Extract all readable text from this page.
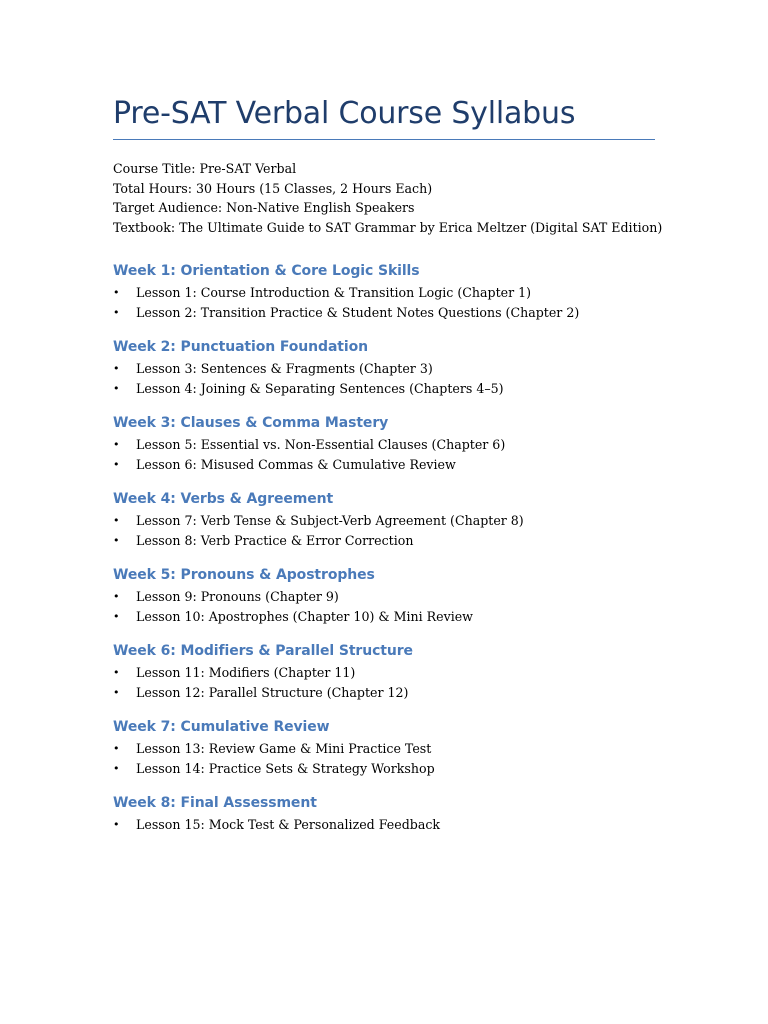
Pre-SAT Verbal Course Syllabus
Course Title: Pre-SAT Verbal
Total Hours: 30 Hours (15 Classes, 2 Hours Each)
Target Audience: Non-Native English Speakers
Textbook: The Ultimate Guide to SAT Grammar by Erica Meltzer (Digital SAT Edition)
Week 1: Orientation & Core Logic Skills
•	Lesson 1: Course Introduction & Transition Logic (Chapter 1)
•	Lesson 2: Transition Practice & Student Notes Questions (Chapter 2)
Week 2: Punctuation Foundation
•	Lesson 3: Sentences & Fragments (Chapter 3)
•	Lesson 4: Joining & Separating Sentences (Chapters 4–5)
Week 3: Clauses & Comma Mastery
•	Lesson 5: Essential vs. Non-Essential Clauses (Chapter 6)
•	Lesson 6: Misused Commas & Cumulative Review
Week 4: Verbs & Agreement
•	Lesson 7: Verb Tense & Subject-Verb Agreement (Chapter 8)
•	Lesson 8: Verb Practice & Error Correction
Week 5: Pronouns & Apostrophes
•	Lesson 9: Pronouns (Chapter 9)
•	Lesson 10: Apostrophes (Chapter 10) & Mini Review
Week 6: Modifiers & Parallel Structure
•	Lesson 11: Modifiers (Chapter 11)
•	Lesson 12: Parallel Structure (Chapter 12)
Week 7: Cumulative Review
•	Lesson 13: Review Game & Mini Practice Test
•	Lesson 14: Practice Sets & Strategy Workshop
Week 8: Final Assessment
•	Lesson 15: Mock Test & Personalized Feedback
